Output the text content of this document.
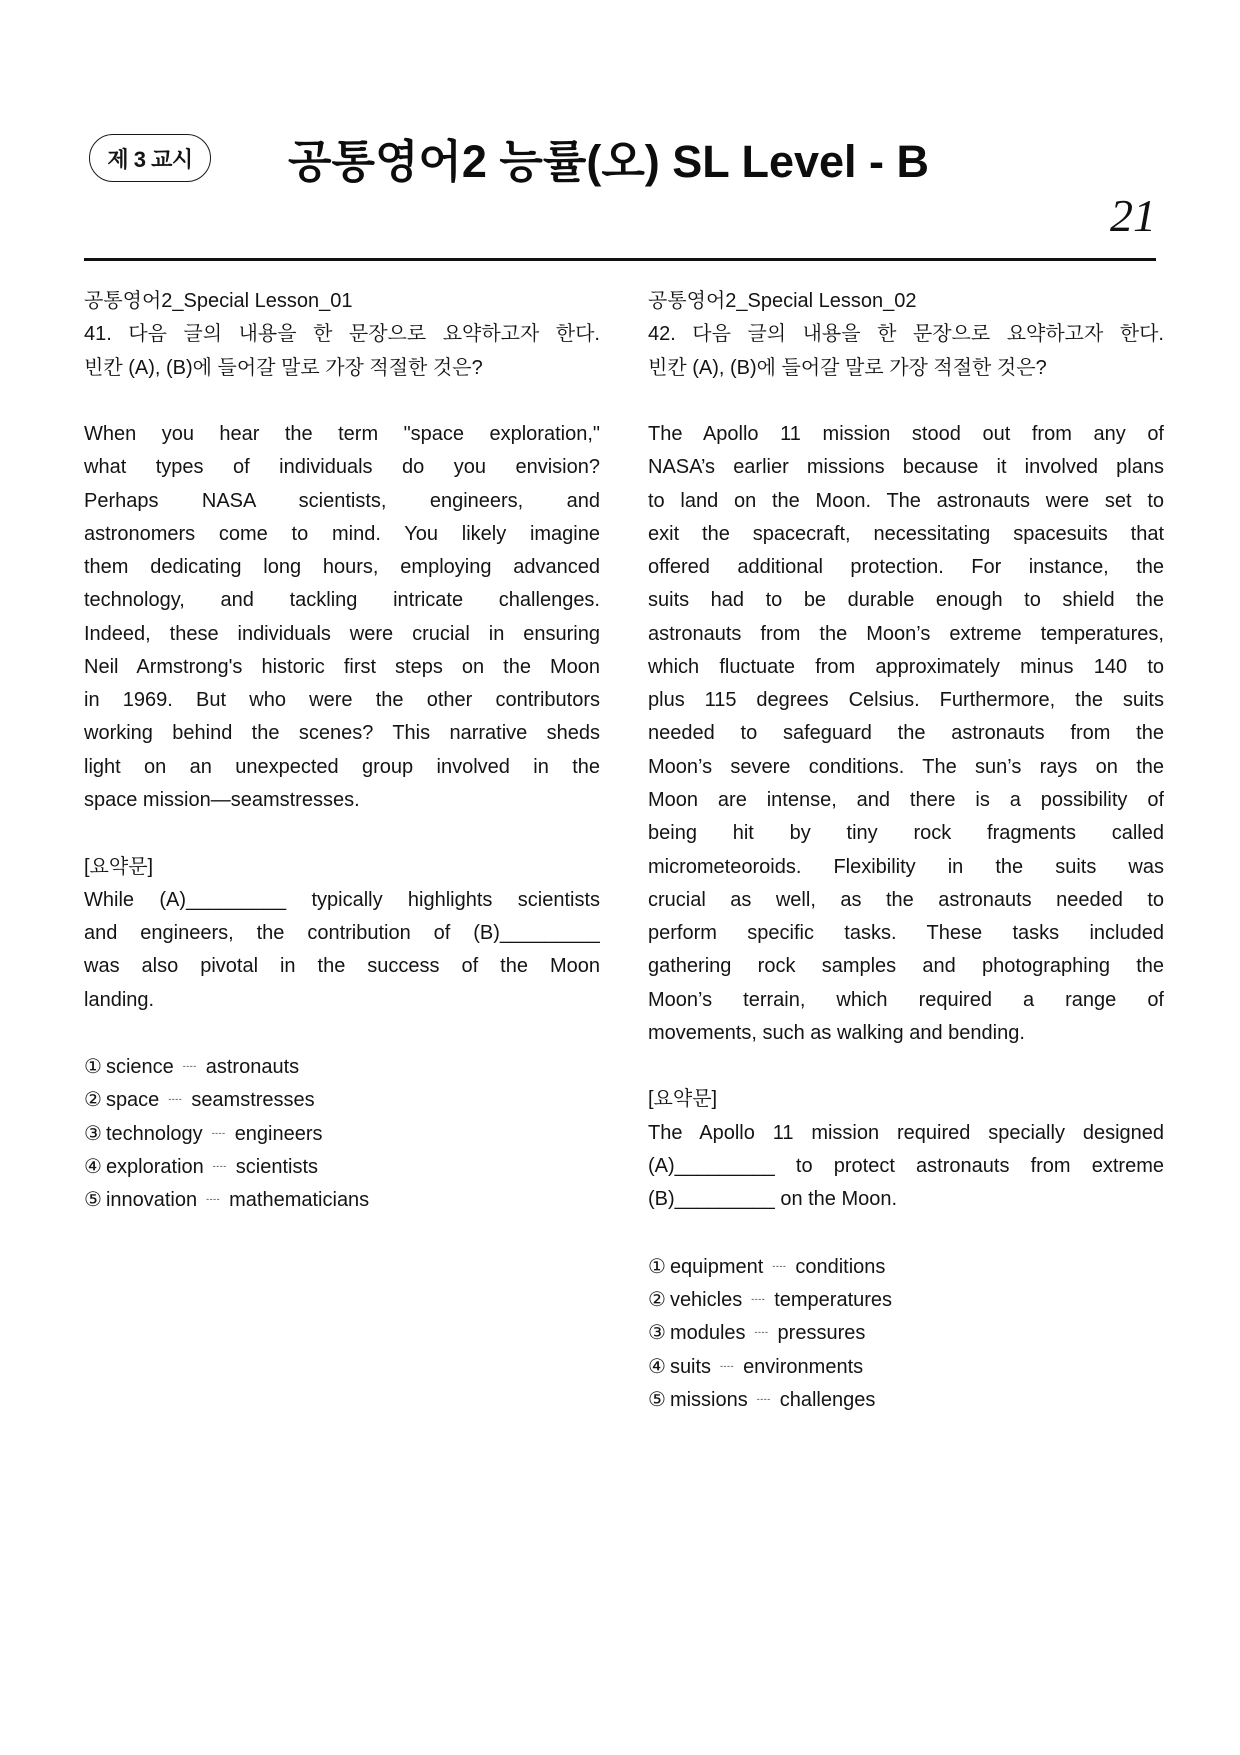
제 3 교시	공통영어2 능률(오) SL Level - B
21
공통영어2_Special Lesson_01
41. 다음 글의 내용을 한 문장으로 요약하고자 한다.
빈칸 (A), (B)에 들어갈 말로 가장 적절한 것은?
When you hear the term "space exploration,"
what types of individuals do you envision?
Perhaps NASA scientists, engineers, and
astronomers come to mind. You likely imagine
them dedicating long hours, employing advanced
technology, and tackling intricate challenges.
Indeed, these individuals were crucial in ensuring
Neil Armstrong's historic first steps on the Moon
in 1969. But who were the other contributors
working behind the scenes? This narrative sheds
light on an unexpected group involved in the
space mission—seamstresses.
[요약문]
While (A)_________ typically highlights scientists
and engineers, the contribution of (B)_________
was also pivotal in the success of the Moon
landing.
① science ---- astronauts
② space ---- seamstresses
③ technology ---- engineers
④ exploration ---- scientists
⑤ innovation ---- mathematicians
공통영어2_Special Lesson_02
42. 다음 글의 내용을 한 문장으로 요약하고자 한다.
빈칸 (A), (B)에 들어갈 말로 가장 적절한 것은?
The Apollo 11 mission stood out from any of
NASA’s earlier missions because it involved plans
to land on the Moon. The astronauts were set to
exit the spacecraft, necessitating spacesuits that
offered additional protection. For instance, the
suits had to be durable enough to shield the
astronauts from the Moon’s extreme temperatures,
which fluctuate from approximately minus 140 to
plus 115 degrees Celsius. Furthermore, the suits
needed to safeguard the astronauts from the
Moon’s severe conditions. The sun’s rays on the
Moon are intense, and there is a possibility of
being hit by tiny rock fragments called
micrometeoroids. Flexibility in the suits was
crucial as well, as the astronauts needed to
perform specific tasks. These tasks included
gathering rock samples and photographing the
Moon’s terrain, which required a range of
movements, such as walking and bending.
[요약문]
The Apollo 11 mission required specially designed
(A)_________ to protect astronauts from extreme
(B)_________ on the Moon.
① equipment ---- conditions
② vehicles ---- temperatures
③ modules ---- pressures
④ suits ---- environments
⑤ missions ---- challenges
